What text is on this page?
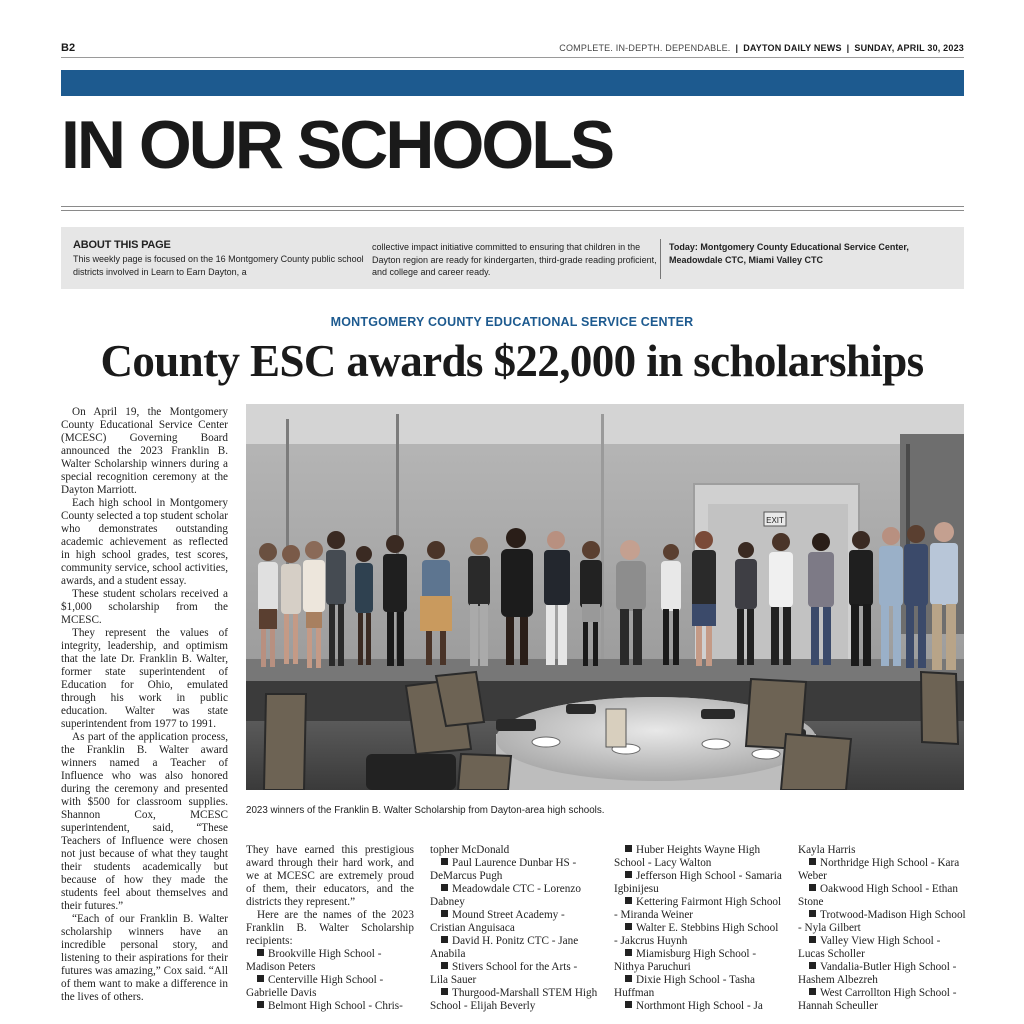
B2	COMPLETE. IN-DEPTH. DEPENDABLE. | DAYTON DAILY NEWS | SUNDAY, APRIL 30, 2023
IN OUR SCHOOLS
ABOUT THIS PAGE
This weekly page is focused on the 16 Montgomery County public school districts involved in Learn to Earn Dayton, a
collective impact initiative committed to ensuring that children in the Dayton region are ready for kindergarten, third-grade reading proficient, and college and career ready.
Today: Montgomery County Educational Service Center, Meadowdale CTC, Miami Valley CTC
MONTGOMERY COUNTY EDUCATIONAL SERVICE CENTER
County ESC awards $22,000 in scholarships

On April 19, the Montgomery County Educational Service Center (MCESC) Governing Board announced the 2023 Franklin B. Walter Scholarship winners during a special recognition ceremony at the Dayton Marriott.

Each high school in Montgomery County selected a top student scholar who demonstrates outstanding academic achievement as reflected in high school grades, test scores, community service, school activities, awards, and a student essay.

These student scholars received a $1,000 scholarship from the MCESC.

They represent the values of integrity, leadership, and optimism that the late Dr. Franklin B. Walter, former state superintendent of Education for Ohio, emulated through his work in public education. Walter was state superintendent from 1977 to 1991.

As part of the application process, the Franklin B. Walter award winners named a Teacher of Influence who was also honored during the ceremony and presented with $500 for classroom supplies. Shannon Cox, MCESC superintendent, said, “These Teachers of Influence were chosen not just because of what they taught their students academically but because of how they made the students feel about themselves and their futures.”

“Each of our Franklin B. Walter scholarship winners have an incredible personal story, and listening to their aspirations for their futures was amazing,” Cox said. “All of them want to make a difference in the lives of others.

EXIT
2023 winners of the Franklin B. Walter Scholarship from Dayton-area high schools.

They have earned this prestigious award through their hard work, and we at MCESC are extremely proud of them, their educators, and the districts they represent.”

Here are the names of the 2023 Franklin B. Walter Scholarship recipients:

Brookville High School - Madison Peters

Centerville High School - Gabrielle Davis

Belmont High School - Chris-

topher McDonald

Paul Laurence Dunbar HS - DeMarcus Pugh

Meadowdale CTC - Lorenzo Dabney

Mound Street Academy - Cristian Anguisaca

David H. Ponitz CTC - Jane Anabila

Stivers School for the Arts - Lila Sauer

Thurgood-Marshall STEM High School - Elijah Beverly

Huber Heights Wayne High School - Lacy Walton

Jefferson High School - Samaria Igbinijesu

Kettering Fairmont High School - Miranda Weiner

Walter E. Stebbins High School - Jakcrus Huynh

Miamisburg High School - Nithya Paruchuri

Dixie High School - Tasha Huffman

Northmont High School - Ja

Kayla Harris

Northridge High School - Kara Weber

Oakwood High School - Ethan Stone

Trotwood-Madison High School - Nyla Gilbert

Valley View High School - Lucas Scholler

Vandalia-Butler High School - Hashem Albezreh

West Carrollton High School - Hannah Scheuller
